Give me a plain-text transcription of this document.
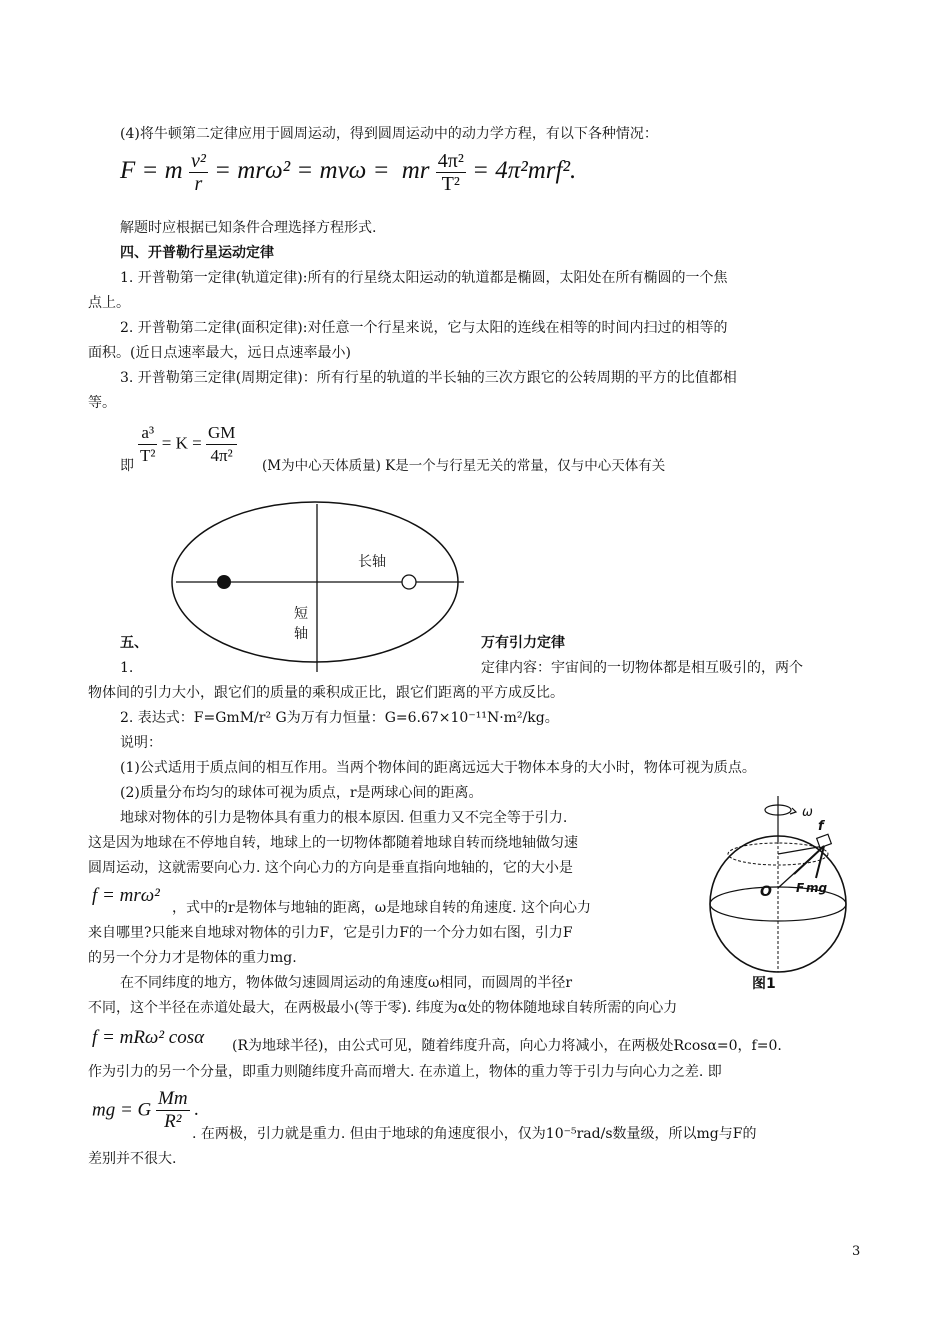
(4)将牛顿第二定律应用于圆周运动，得到圆周运动中的动力学方程，有以下各种情况：
F = m $\frac{\text{v²}}{r} = mr\omega^2 = mv\omega$ = mr $\frac{\text{4π²}}{\text{T²}} = 4\pi^2mrf^2$.
解题时应根据已知条件合理选择方程形式.
四、开普勒行星运动定律
1. 开普勒第一定律(轨道定律):所有的行星绕太阳运动的轨道都是椭圆，太阳处在所有椭圆的一个焦
点上。
2. 开普勒第二定律(面积定律):对任意一个行星来说，它与太阳的连线在相等的时间内扫过的相等的
面积。(近日点速率最大，远日点速率最小)
3. 开普勒第三定律(周期定律)：所有行星的轨道的半长轴的三次方跟它的公转周期的平方的比值都相
等。
即 $\frac{\text{a³}}{\text{T²}} = K = \frac{GM}{\text{4π²}} (M$为中心天体质量) K是一个与行星无关的常量，仅与中心天体有关
长轴
短
轴
五、	万有引力定律
1.	定律内容：宇宙间的一切物体都是相互吸引的，两个
物体间的引力大小，跟它们的质量的乘积成正比，跟它们距离的平方成反比。
2. 表达式：F=GmM/r² G为万有力恒量：G=6.67×10⁻¹¹N·m²/kg。
说明：
(1)公式适用于质点间的相互作用。当两个物体间的距离远远大于物体本身的大小时，物体可视为质点。
(2)质量分布均匀的球体可视为质点，r是两球心间的距离。
地球对物体的引力是物体具有重力的根本原因. 但重力又不完全等于引力.
这是因为地球在不停地自转，地球上的一切物体都随着地球自转而绕地轴做匀速
圆周运动，这就需要向心力. 这个向心力的方向是垂直指向地轴的，它的大小是
f = mrω²
，式中的r是物体与地轴的距离，ω是地球自转的角速度. 这个向心力
来自哪里?只能来自地球对物体的引力F，它是引力F的一个分力如右图，引力F
的另一个分力才是物体的重力mg.
ω
f
F mg
O
图1
在不同纬度的地方，物体做匀速圆周运动的角速度ω相同，而圆周的半径r
不同，这个半径在赤道处最大，在两极最小(等于零). 纬度为α处的物体随地球自转所需的向心力
f = mRω² cosα (R为地球半径)，由公式可见，随着纬度升高，向心力将减小，在两极处Rcosα=0，f=0.
作为引力的另一个分量，即重力则随纬度升高而增大. 在赤道上，物体的重力等于引力与向心力之差. 即
mg = G $\frac{Mm}{\text{R²}}$ .
. 在两极，引力就是重力. 但由于地球的角速度很小，仅为10⁻⁵rad/s数量级，所以mg与F的
差别并不很大.
3
